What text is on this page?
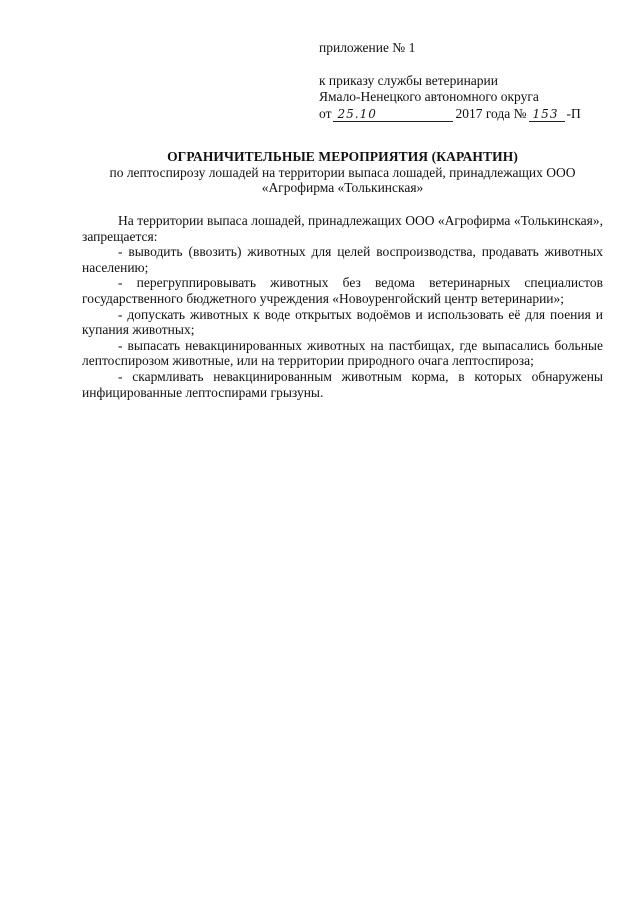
приложение № 1
к приказу службы ветеринарии
Ямало-Ненецкого автономного округа
от 25.10	2017 года № 153 -П
ОГРАНИЧИТЕЛЬНЫЕ МЕРОПРИЯТИЯ (КАРАНТИН)
по лептоспирозу лошадей на территории выпаса лошадей, принадлежащих ООО
«Агрофирма «Толькинская»

На территории выпаса лошадей, принадлежащих ООО «Агрофирма «Толькинская», запрещается:

- выводить (ввозить) животных для целей воспроизводства, продавать животных населению;

- перегруппировывать животных без ведома ветеринарных специалистов государственного бюджетного учреждения «Новоуренгойский центр ветеринарии»;

- допускать животных к воде открытых водоёмов и использовать её для поения и купания животных;

- выпасать невакцинированных животных на пастбищах, где выпасались больные лептоспирозом животные, или на территории природного очага лептоспироза;

- скармливать невакцинированным животным корма, в которых обнаружены инфицированные лептоспирами грызуны.
